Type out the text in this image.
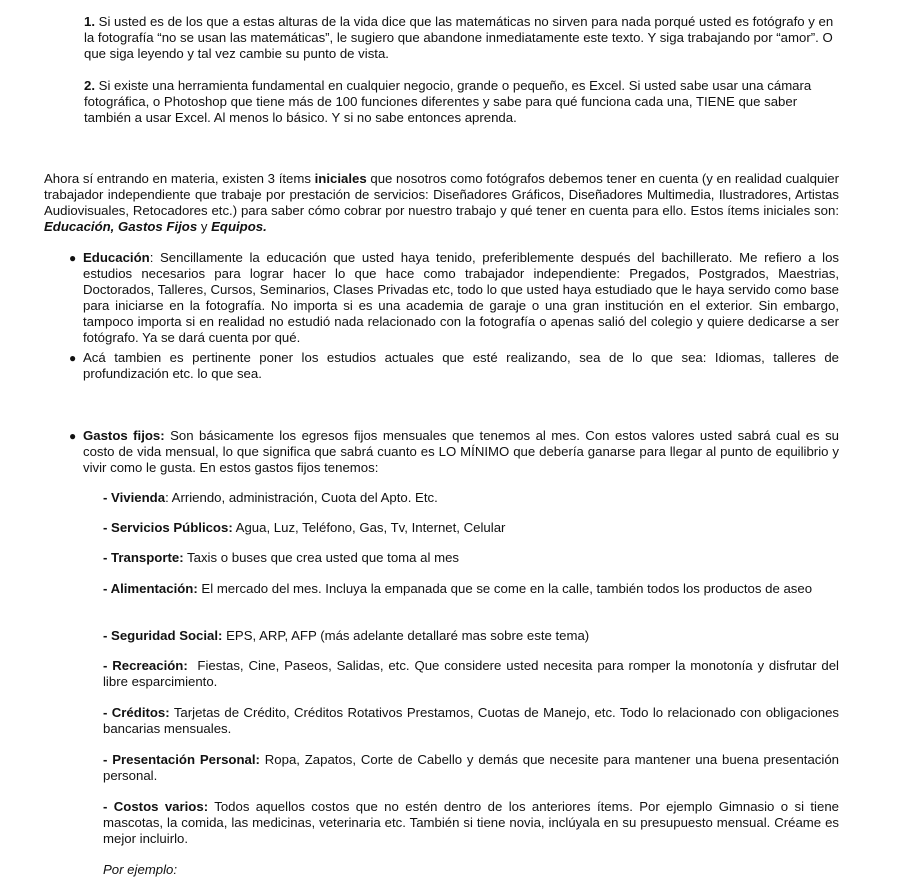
1. Si usted es de los que a estas alturas de la vida dice que las matemáticas no sirven para nada porqué usted es fotógrafo y en la fotografía “no se usan las matemáticas”, le sugiero que abandone inmediatamente este texto. Y siga trabajando por “amor”. O que siga leyendo y tal vez cambie su punto de vista.

2. Si existe una herramienta fundamental en cualquier negocio, grande o pequeño, es Excel. Si usted sabe usar una cámara fotográfica, o Photoshop que tiene más de 100 funciones diferentes y sabe para qué funciona cada una, TIENE que saber también a usar Excel. Al menos lo básico. Y si no sabe entonces aprenda.

Ahora sí entrando en materia, existen 3 ítems iniciales que nosotros como fotógrafos debemos tener en cuenta (y en realidad cualquier trabajador independiente que trabaje por prestación de servicios: Diseñadores Gráficos, Diseñadores Multimedia, Ilustradores, Artistas Audiovisuales, Retocadores etc.) para saber cómo cobrar por nuestro trabajo y qué tener en cuenta para ello. Estos ítems iniciales son: Educación, Gastos Fijos y Equipos.

● Educación: Sencillamente la educación que usted haya tenido, preferiblemente después del bachillerato. Me refiero a los estudios necesarios para lograr hacer lo que hace como trabajador independiente: Pregados, Postgrados, Maestrias, Doctorados, Talleres, Cursos, Seminarios, Clases Privadas etc, todo lo que usted haya estudiado que le haya servido como base para iniciarse en la fotografía. No importa si es una academia de garaje o una gran institución en el exterior. Sin embargo, tampoco importa si en realidad no estudió nada relacionado con la fotografía o apenas salió del colegio y quiere dedicarse a ser fotógrafo. Ya se dará cuenta por qué.
● Acá tambien es pertinente poner los estudios actuales que esté realizando, sea de lo que sea: Idiomas, talleres de profundización etc. lo que sea.
● Gastos fijos: Son básicamente los egresos fijos mensuales que tenemos al mes. Con estos valores usted sabrá cual es su costo de vida mensual, lo que significa que sabrá cuanto es LO MÍNIMO que debería ganarse para llegar al punto de equilibrio y vivir como le gusta. En estos gastos fijos tenemos:
- Vivienda: Arriendo, administración, Cuota del Apto. Etc.
- Servicios Públicos: Agua, Luz, Teléfono, Gas, Tv, Internet, Celular
- Transporte: Taxis o buses que crea usted que toma al mes
- Alimentación: El mercado del mes. Incluya la empanada que se come en la calle, también todos los productos de aseo
- Seguridad Social: EPS, ARP, AFP (más adelante detallaré mas sobre este tema)
- Recreación:  Fiestas, Cine, Paseos, Salidas, etc. Que considere usted necesita para romper la monotonía y disfrutar del libre esparcimiento.
- Créditos: Tarjetas de Crédito, Créditos Rotativos Prestamos, Cuotas de Manejo, etc. Todo lo relacionado con obligaciones bancarias mensuales.
- Presentación Personal: Ropa, Zapatos, Corte de Cabello y demás que necesite para mantener una buena presentación personal.
- Costos varios: Todos aquellos costos que no estén dentro de los anteriores ítems. Por ejemplo Gimnasio o si tiene mascotas, la comida, las medicinas, veterinaria etc. También si tiene novia, inclúyala en su presupuesto mensual. Créame es mejor incluirlo.
Por ejemplo:
